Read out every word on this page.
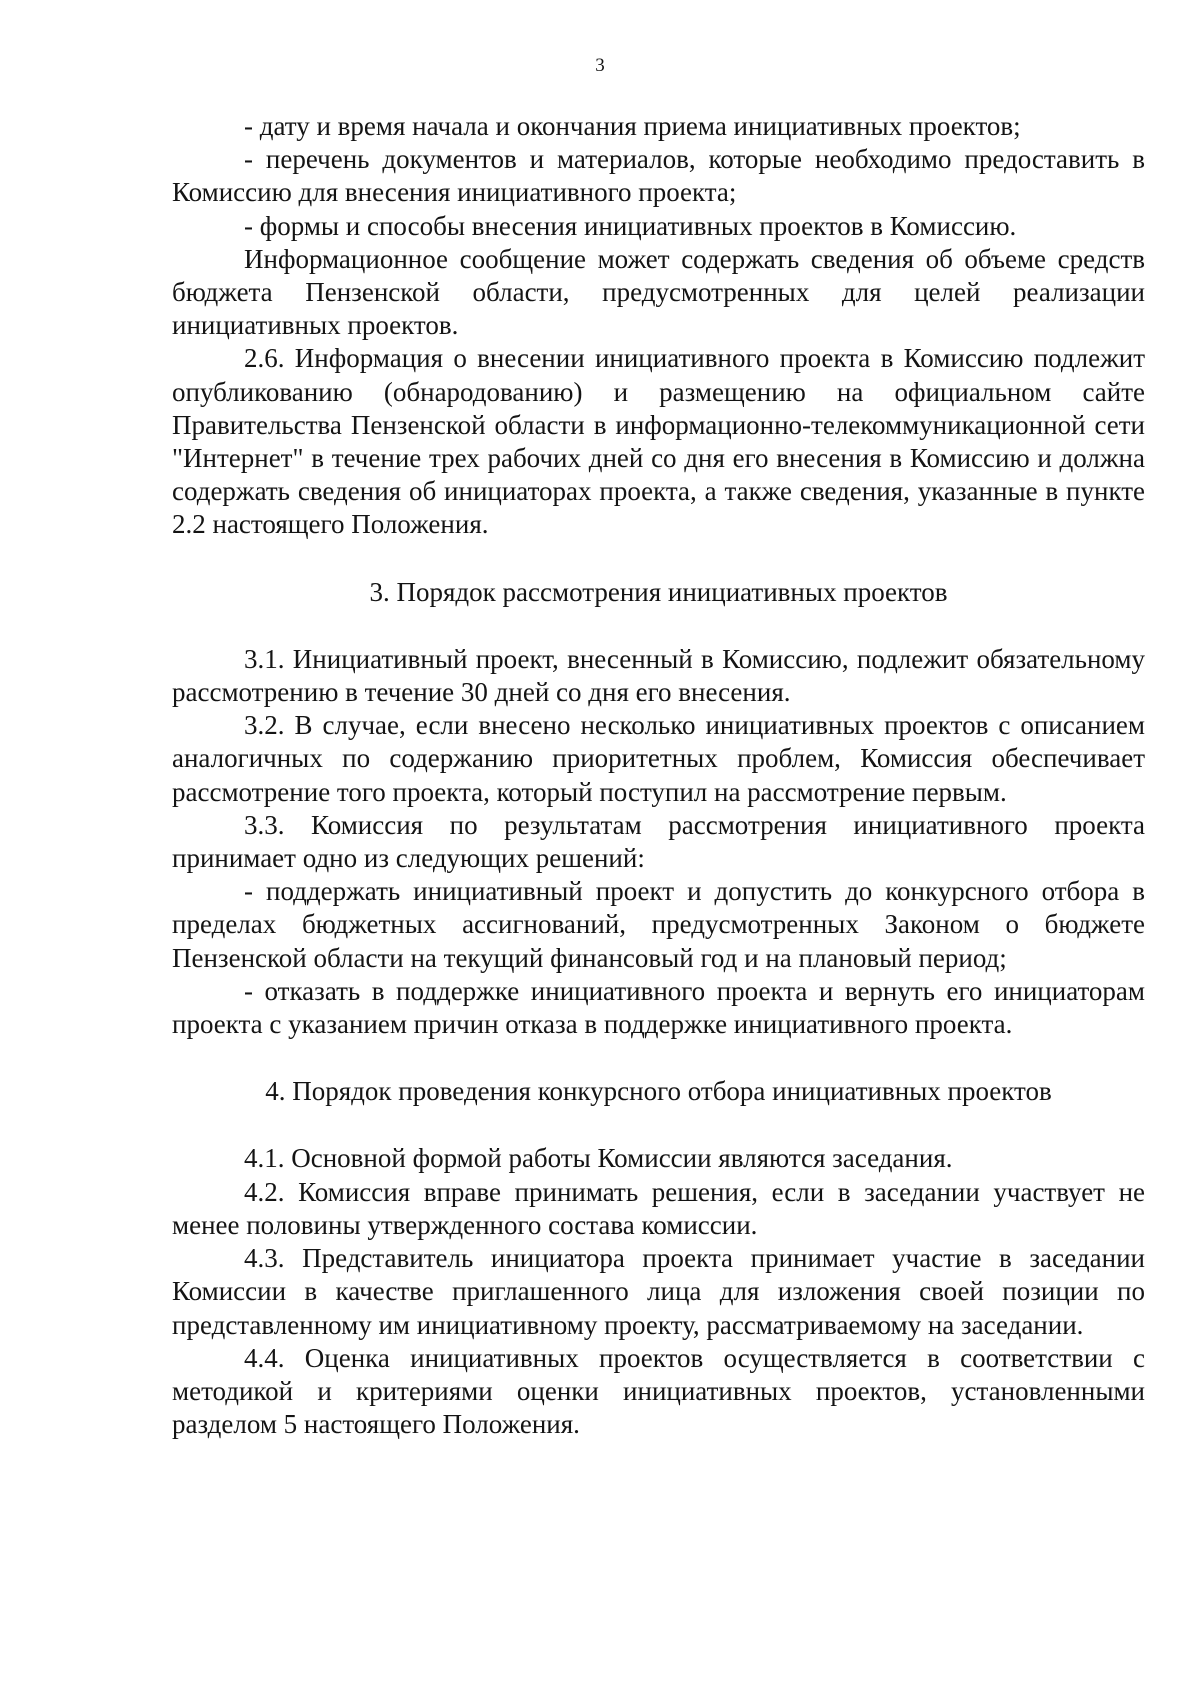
3

- дату и время начала и окончания приема инициативных проектов;

- перечень документов и материалов, которые необходимо предоставить в Комиссию для внесения инициативного проекта;

- формы и способы внесения инициативных проектов в Комиссию.

Информационное сообщение может содержать сведения об объеме средств бюджета Пензенской области, предусмотренных для целей реализации инициативных проектов.

2.6. Информация о внесении инициативного проекта в Комиссию подлежит опубликованию (обнародованию) и размещению на официальном сайте Правительства Пензенской области в информационно-телекоммуникационной сети "Интернет" в течение трех рабочих дней со дня его внесения в Комиссию и должна содержать сведения об инициаторах проекта, а также сведения, указанные в пункте 2.2 настоящего Положения.

3. Порядок рассмотрения инициативных проектов

3.1. Инициативный проект, внесенный в Комиссию, подлежит обязательному рассмотрению в течение 30 дней со дня его внесения.

3.2. В случае, если внесено несколько инициативных проектов с описанием аналогичных по содержанию приоритетных проблем, Комиссия обеспечивает рассмотрение того проекта, который поступил на рассмотрение первым.

3.3. Комиссия по результатам рассмотрения инициативного проекта принимает одно из следующих решений:

- поддержать инициативный проект и допустить до конкурсного отбора в пределах бюджетных ассигнований, предусмотренных Законом о бюджете Пензенской области на текущий финансовый год и на плановый период;

- отказать в поддержке инициативного проекта и вернуть его инициаторам проекта с указанием причин отказа в поддержке инициативного проекта.

4. Порядок проведения конкурсного отбора инициативных проектов

4.1. Основной формой работы Комиссии являются заседания.

4.2. Комиссия вправе принимать решения, если в заседании участвует не менее половины утвержденного состава комиссии.

4.3. Представитель инициатора проекта принимает участие в заседании Комиссии в качестве приглашенного лица для изложения своей позиции по представленному им инициативному проекту, рассматриваемому на заседании.

4.4. Оценка инициативных проектов осуществляется в соответствии с методикой и критериями оценки инициативных проектов, установленными разделом 5 настоящего Положения.
